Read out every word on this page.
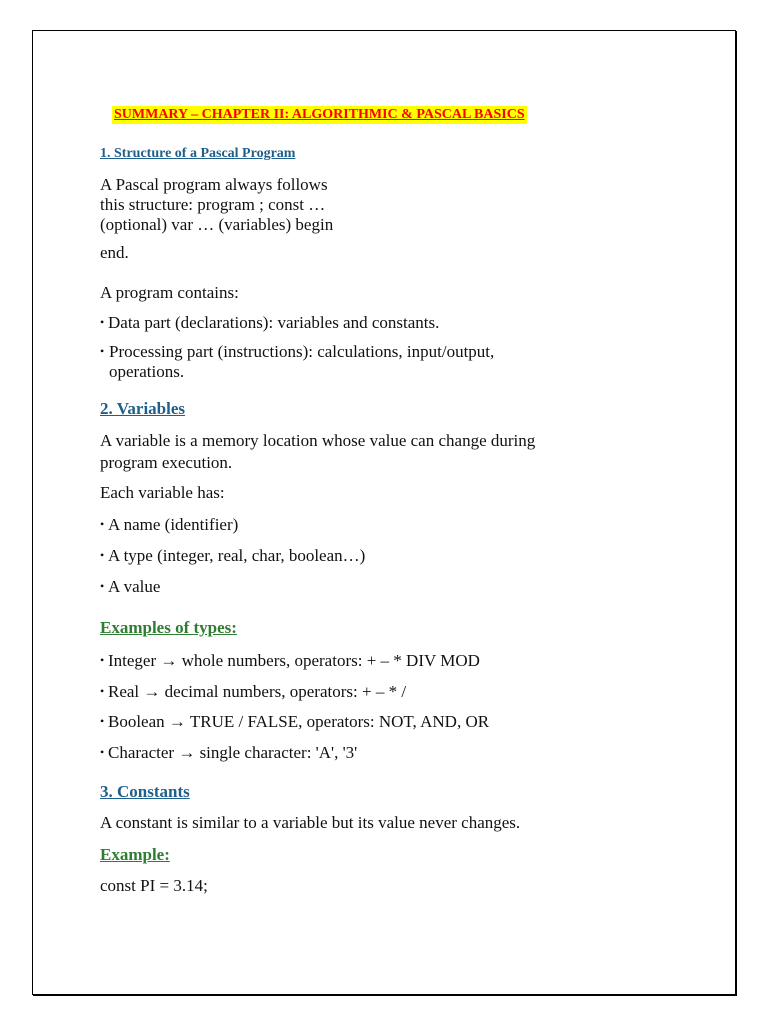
SUMMARY – CHAPTER II: ALGORITHMIC & PASCAL BASICS
1. Structure of a Pascal Program
A Pascal program always follows
this structure: program ; const …
(optional) var … (variables) begin
end.
A program contains:
• Data part (declarations): variables and constants.
• Processing part (instructions): calculations, input/output, operations.
2. Variables
A variable is a memory location whose value can change during program execution.
Each variable has:
• A name (identifier)
• A type (integer, real, char, boolean…)
• A value
Examples of types:
• Integer → whole numbers, operators: + – * DIV MOD
• Real → decimal numbers, operators: + – * /
• Boolean → TRUE / FALSE, operators: NOT, AND, OR
• Character → single character: 'A', '3'
3. Constants
A constant is similar to a variable but its value never changes.
Example:
const PI = 3.14;
